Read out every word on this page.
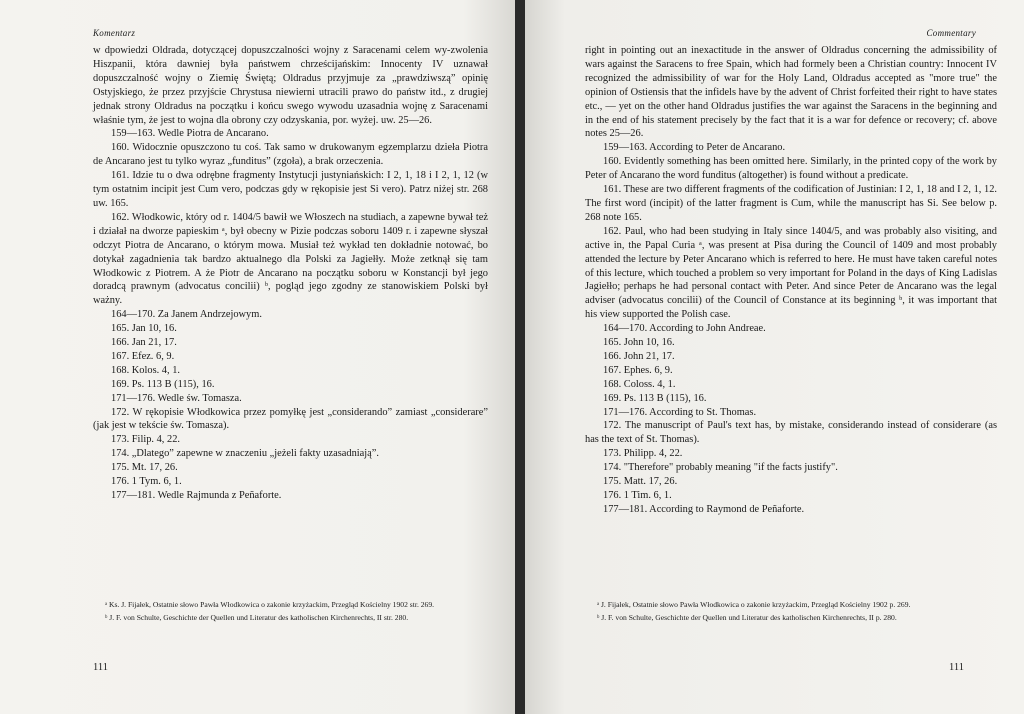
Komentarz

w dpowiedzi Oldrada, dotyczącej dopuszczalności wojny z Saracenami celem wy-zwolenia Hiszpanii, która dawniej była państwem chrześcijańskim: Innocenty IV uznawał dopuszczalność wojny o Ziemię Świętą; Oldradus przyjmuje za „prawdziwszą” opinię Ostyjskiego, że przez przyjście Chrystusa niewierni utracili prawo do państw itd., z drugiej jednak strony Oldradus na początku i końcu swego wywodu uzasadnia wojnę z Saracenami właśnie tym, że jest to wojna dla obrony czy odzyskania, por. wyżej. uw. 25—26.

159—163. Wedle Piotra de Ancarano.

160. Widocznie opuszczono tu coś. Tak samo w drukowanym egzemplarzu dzieła Piotra de Ancarano jest tu tylko wyraz „funditus” (zgoła), a brak orzeczenia.

161. Idzie tu o dwa odrębne fragmenty Instytucji justyniańskich: I 2, 1, 18 i I 2, 1, 12 (w tym ostatnim incipit jest Cum vero, podczas gdy w rękopisie jest Si vero). Patrz niżej str. 268 uw. 165.

162. Włodkowic, który od r. 1404/5 bawił we Włoszech na studiach, a zapewne bywał też i działał na dworze papieskim ᵃ, był obecny w Pizie podczas soboru 1409 r. i zapewne słyszał odczyt Piotra de Ancarano, o którym mowa. Musiał też wykład ten dokładnie notować, bo dotykał zagadnienia tak bardzo aktualnego dla Polski za Jagiełły. Może zetknął się tam Włodkowic z Piotrem. A że Piotr de Ancarano na początku soboru w Konstancji był jego doradcą prawnym (advocatus concilii) ᵇ, pogląd jego zgodny ze stanowiskiem Polski był ważny.

164—170. Za Janem Andrzejowym.

165. Jan 10, 16.

166. Jan 21, 17.

167. Efez. 6, 9.

168. Kolos. 4, 1.

169. Ps. 113 B (115), 16.

171—176. Wedle św. Tomasza.

172. W rękopisie Włodkowica przez pomyłkę jest „considerando” zamiast „considerare” (jak jest w tekście św. Tomasza).

173. Filip. 4, 22.

174. „Dlatego” zapewne w znaczeniu „jeżeli fakty uzasadniają”.

175. Mt. 17, 26.

176. 1 Tym. 6, 1.

177—181. Wedle Rajmunda z Peñaforte.

ᵃ Ks. J. Fijałek, Ostatnie słowo Pawła Włodkowica o zakonie krzyżackim, Przegląd Kościelny 1902 str. 269.

ᵇ J. F. von Schulte, Geschichte der Quellen und Literatur des katholischen Kirchenrechts, II str. 280.

111
Commentary

right in pointing out an inexactitude in the answer of Oldradus concerning the admissibility of wars against the Saracens to free Spain, which had formely been a Christian country: Innocent IV recognized the admissibility of war for the Holy Land, Oldradus accepted as "more true" the opinion of Ostiensis that the infidels have by the advent of Christ forfeited their right to have states etc., — yet on the other hand Oldradus justifies the war against the Saracens in the beginning and in the end of his statement precisely by the fact that it is a war for defence or recovery; cf. above notes 25—26.

159—163. According to Peter de Ancarano.

160. Evidently something has been omitted here. Similarly, in the printed copy of the work by Peter of Ancarano the word funditus (altogether) is found without a predicate.

161. These are two different fragments of the codification of Justinian: I 2, 1, 18 and I 2, 1, 12. The first word (incipit) of the latter fragment is Cum, while the manuscript has Si. See below p. 268 note 165.

162. Paul, who had been studying in Italy since 1404/5, and was probably also visiting, and active in, the Papal Curia ᵃ, was present at Pisa during the Council of 1409 and most probably attended the lecture by Peter Ancarano which is referred to here. He must have taken careful notes of this lecture, which touched a problem so very important for Poland in the days of King Ladislas Jagiełło; perhaps he had personal contact with Peter. And since Peter de Ancarano was the legal adviser (advocatus concilii) of the Council of Constance at its beginning ᵇ, it was important that his view supported the Polish case.

164—170. According to John Andreae.

165. John 10, 16.

166. John 21, 17.

167. Ephes. 6, 9.

168. Coloss. 4, 1.

169. Ps. 113 B (115), 16.

171—176. According to St. Thomas.

172. The manuscript of Paul's text has, by mistake, considerando instead of considerare (as has the text of St. Thomas).

173. Philipp. 4, 22.

174. "Therefore" probably meaning "if the facts justify".

175. Matt. 17, 26.

176. 1 Tim. 6, 1.

177—181. According to Raymond de Peñaforte.

ᵃ J. Fijałek, Ostatnie słowo Pawła Włodkowica o zakonie krzyżackim, Przegląd Kościelny 1902 p. 269.

ᵇ J. F. von Schulte, Geschichte der Quellen und Literatur des katholischen Kirchenrechts, II p. 280.

111
